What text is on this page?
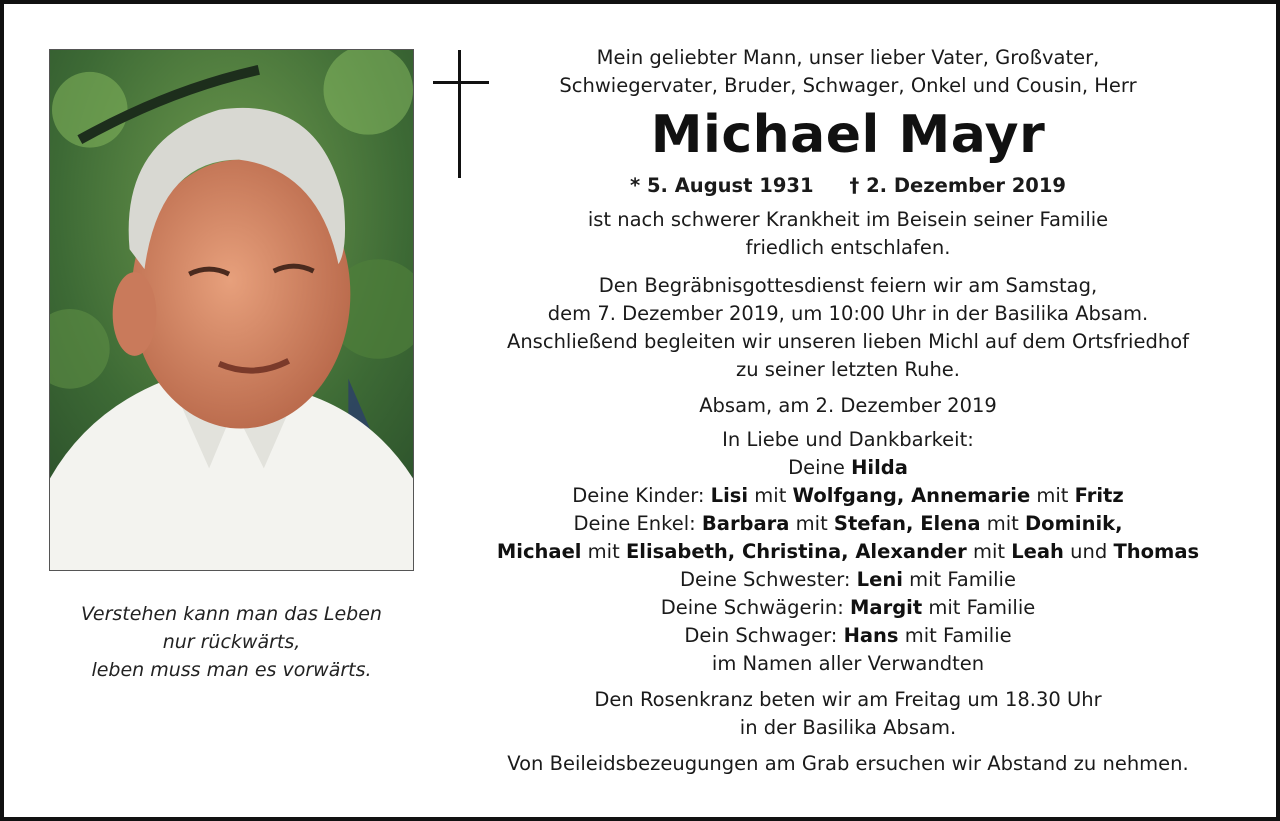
Verstehen kann man das Leben
nur rückwärts,
leben muss man es vorwärts.
Mein geliebter Mann, unser lieber Vater, Großvater,
Schwiegervater, Bruder, Schwager, Onkel und Cousin, Herr
Michael Mayr
* 5. August 1931 † 2. Dezember 2019
ist nach schwerer Krankheit im Beisein seiner Familie
friedlich entschlafen.
Den Begräbnisgottesdienst feiern wir am Samstag,
dem 7. Dezember 2019, um 10:00 Uhr in der Basilika Absam.
Anschließend begleiten wir unseren lieben Michl auf dem Ortsfriedhof
zu seiner letzten Ruhe.
Absam, am 2. Dezember 2019
In Liebe und Dankbarkeit:
Deine Hilda
Deine Kinder: Lisi mit Wolfgang, Annemarie mit Fritz
Deine Enkel: Barbara mit Stefan, Elena mit Dominik,
Michael mit Elisabeth, Christina, Alexander mit Leah und Thomas
Deine Schwester: Leni mit Familie
Deine Schwägerin: Margit mit Familie
Dein Schwager: Hans mit Familie
im Namen aller Verwandten
Den Rosenkranz beten wir am Freitag um 18.30 Uhr
in der Basilika Absam.
Von Beileidsbezeugungen am Grab ersuchen wir Abstand zu nehmen.
